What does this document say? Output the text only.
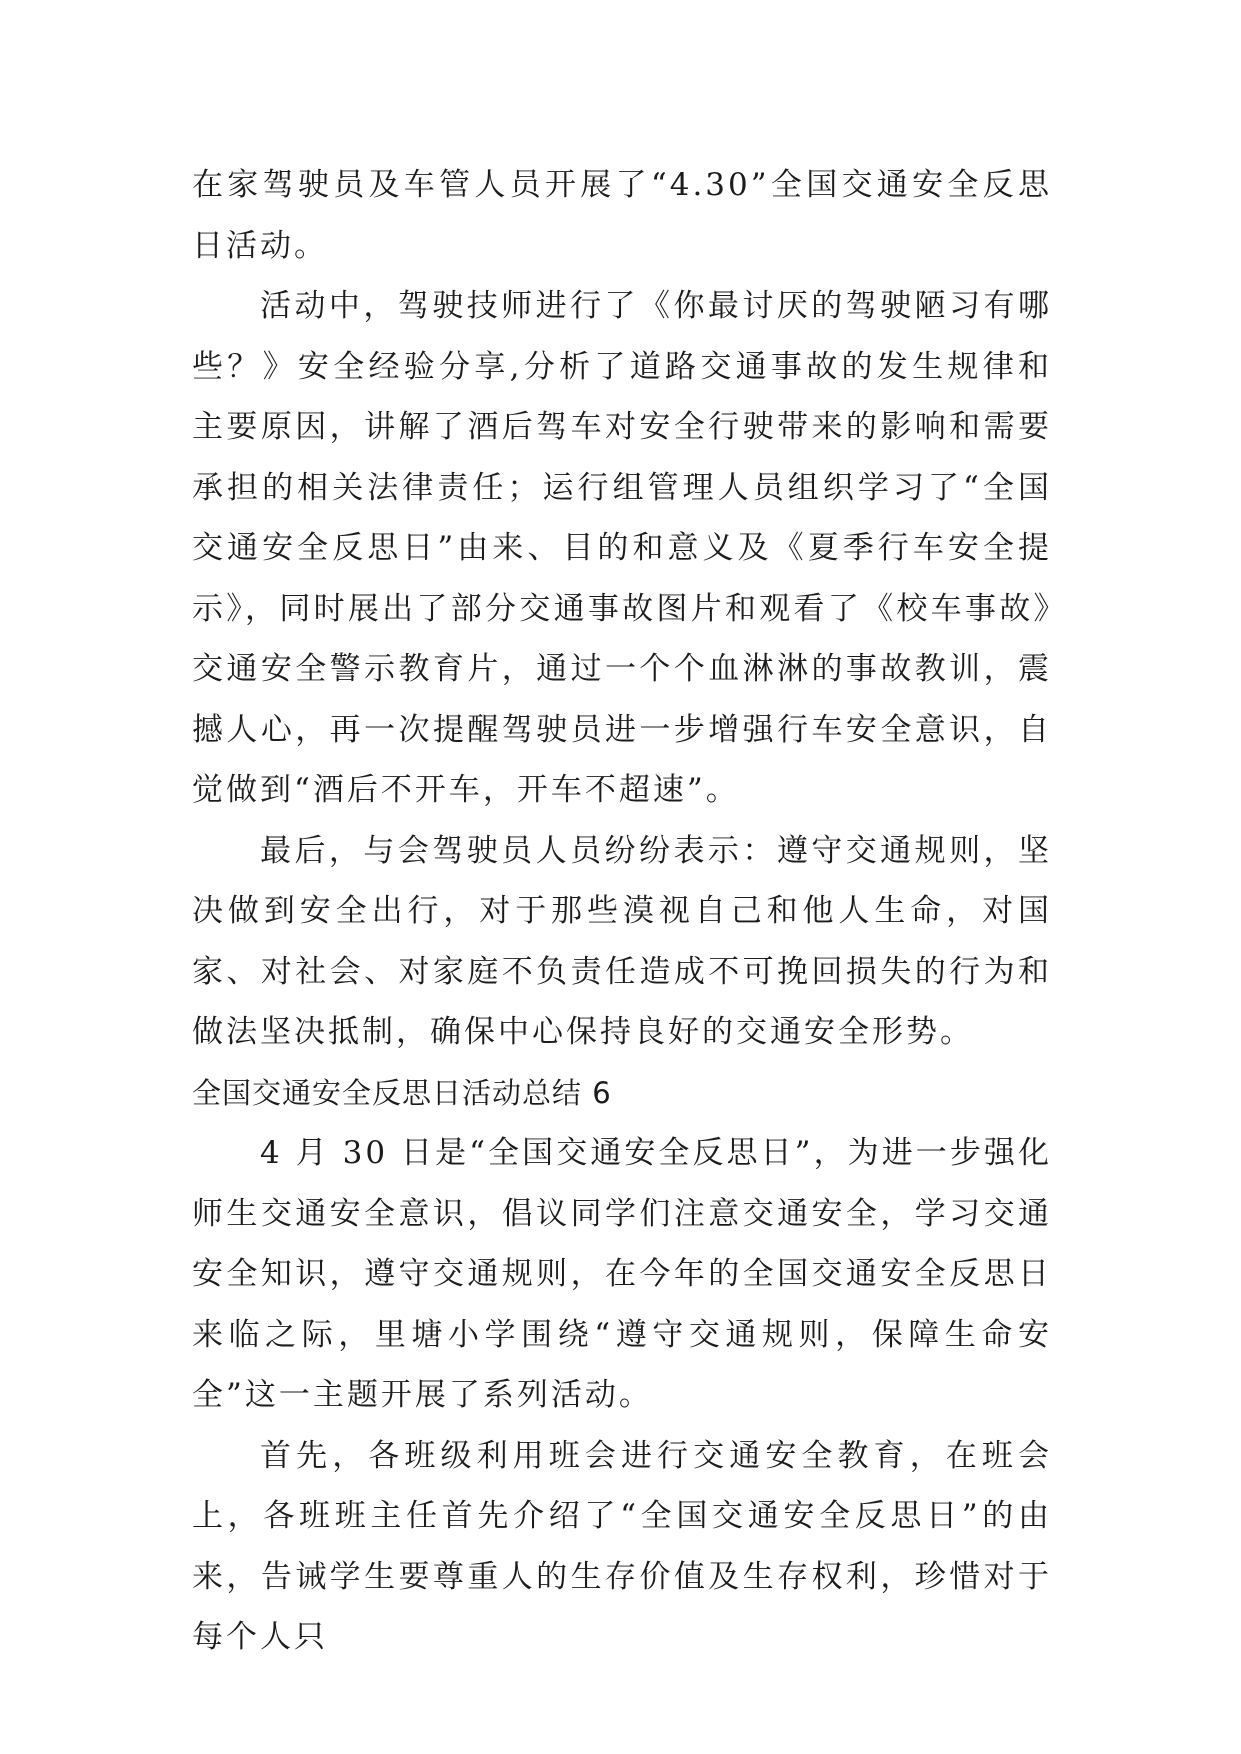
在家驾驶员及车管人员开展了“4.30”全国交通安全反思日活动。

活动中，驾驶技师进行了《你最讨厌的驾驶陋习有哪些？》安全经验分享,分析了道路交通事故的发生规律和主要原因，讲解了酒后驾车对安全行驶带来的影响和需要承担的相关法律责任；运行组管理人员组织学习了“全国交通安全反思日”由来、目的和意义及《夏季行车安全提示》，同时展出了部分交通事故图片和观看了《校车事故》交通安全警示教育片，通过一个个血淋淋的事故教训，震撼人心，再一次提醒驾驶员进一步增强行车安全意识，自觉做到“酒后不开车，开车不超速”。

最后，与会驾驶员人员纷纷表示：遵守交通规则，坚决做到安全出行，对于那些漠视自己和他人生命，对国家、对社会、对家庭不负责任造成不可挽回损失的行为和做法坚决抵制，确保中心保持良好的交通安全形势。

全国交通安全反思日活动总结 6

4 月 30 日是“全国交通安全反思日”，为进一步强化师生交通安全意识，倡议同学们注意交通安全，学习交通安全知识，遵守交通规则，在今年的全国交通安全反思日来临之际，里塘小学围绕“遵守交通规则，保障生命安全”这一主题开展了系列活动。

首先，各班级利用班会进行交通安全教育，在班会上，各班班主任首先介绍了“全国交通安全反思日”的由来，告诫学生要尊重人的生存价值及生存权利，珍惜对于每个人只
